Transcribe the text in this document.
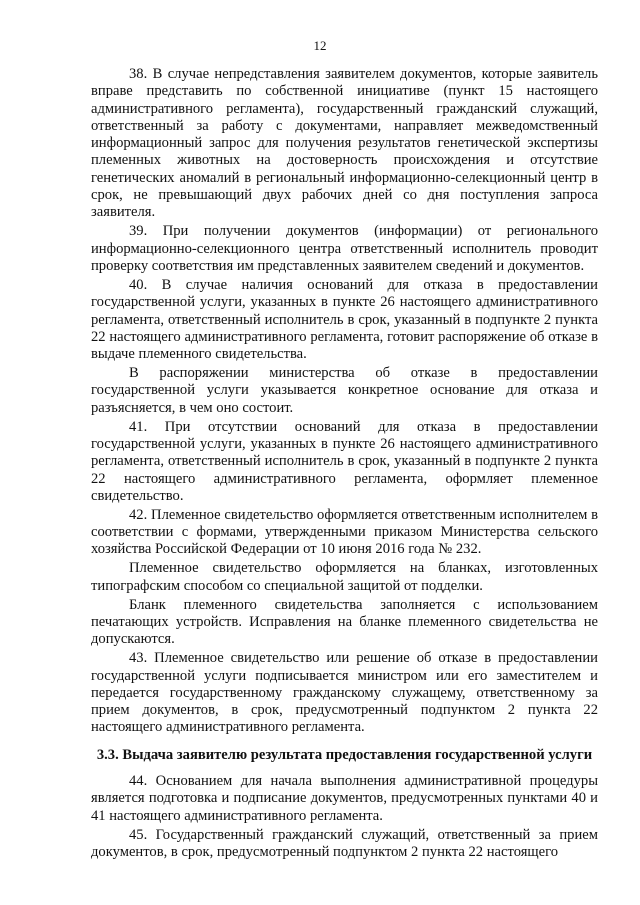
12

38. В случае непредставления заявителем документов, которые заявитель вправе представить по собственной инициативе (пункт 15 настоящего административного регламента), государственный гражданский служащий, ответственный за работу с документами, направляет межведомственный информационный запрос для получения результатов генетической экспертизы племенных животных на достоверность происхождения и отсутствие генетических аномалий в региональный информационно-селекционный центр в срок, не превышающий двух рабочих дней со дня поступления запроса заявителя.

39. При получении документов (информации) от регионального информационно-селекционного центра ответственный исполнитель проводит проверку соответствия им представленных заявителем сведений и документов.

40. В случае наличия оснований для отказа в предоставлении государственной услуги, указанных в пункте 26 настоящего административного регламента, ответственный исполнитель в срок, указанный в подпункте 2 пункта 22 настоящего административного регламента, готовит распоряжение об отказе в выдаче племенного свидетельства.

В распоряжении министерства об отказе в предоставлении государственной услуги указывается конкретное основание для отказа и разъясняется, в чем оно состоит.

41. При отсутствии оснований для отказа в предоставлении государственной услуги, указанных в пункте 26 настоящего административного регламента, ответственный исполнитель в срок, указанный в подпункте 2 пункта 22 настоящего административного регламента, оформляет племенное свидетельство.

42. Племенное свидетельство оформляется ответственным исполнителем в соответствии с формами, утвержденными приказом Министерства сельского хозяйства Российской Федерации от 10 июня 2016 года № 232.

Племенное свидетельство оформляется на бланках, изготовленных типографским способом со специальной защитой от подделки.

Бланк племенного свидетельства заполняется с использованием печатающих устройств. Исправления на бланке племенного свидетельства не допускаются.

43. Племенное свидетельство или решение об отказе в предоставлении государственной услуги подписывается министром или его заместителем и передается государственному гражданскому служащему, ответственному за прием документов, в срок, предусмотренный подпунктом 2 пункта 22 настоящего административного регламента.

3.3. Выдача заявителю результата предоставления государственной услуги

44. Основанием для начала выполнения административной процедуры является подготовка и подписание документов, предусмотренных пунктами 40 и 41 настоящего административного регламента.

45. Государственный гражданский служащий, ответственный за прием документов, в срок, предусмотренный подпунктом 2 пункта 22 настоящего
